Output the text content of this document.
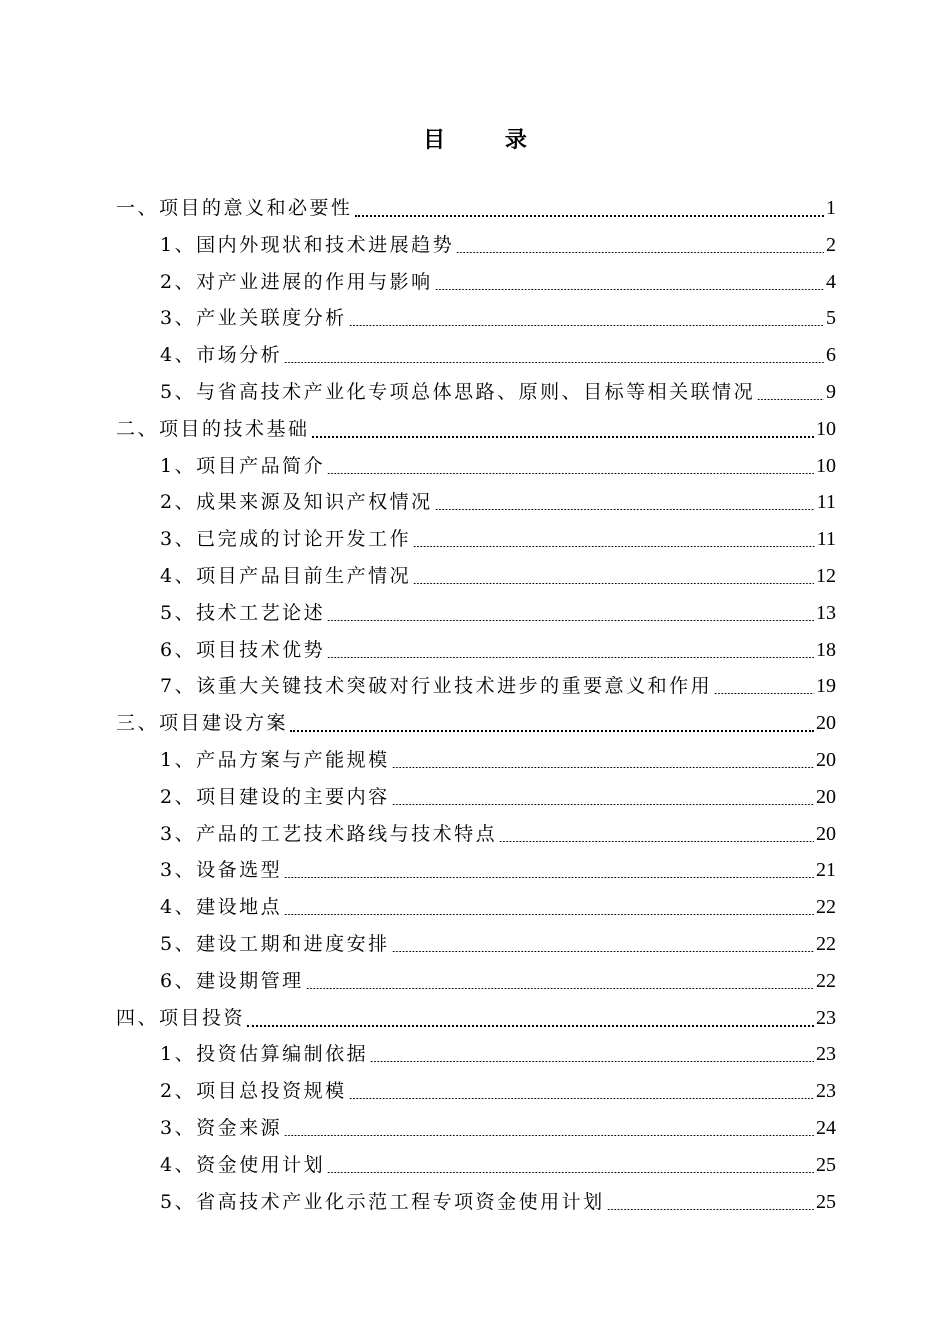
目 录
一、项目的意义和必要性	1
1、国内外现状和技术进展趋势	2
2、对产业进展的作用与影响	4
3、产业关联度分析	5
4、市场分析	6
5、与省高技术产业化专项总体思路、原则、目标等相关联情况	9
二、项目的技术基础	10
1、项目产品简介	10
2、成果来源及知识产权情况	11
3、已完成的讨论开发工作	11
4、项目产品目前生产情况	12
5、技术工艺论述	13
6、项目技术优势	18
7、该重大关键技术突破对行业技术进步的重要意义和作用	19
三、项目建设方案	20
1、产品方案与产能规模	20
2、项目建设的主要内容	20
3、产品的工艺技术路线与技术特点	20
3、设备选型	21
4、建设地点	22
5、建设工期和进度安排	22
6、建设期管理	22
四、项目投资	23
1、投资估算编制依据	23
2、项目总投资规模	23
3、资金来源	24
4、资金使用计划	25
5、省高技术产业化示范工程专项资金使用计划	25
